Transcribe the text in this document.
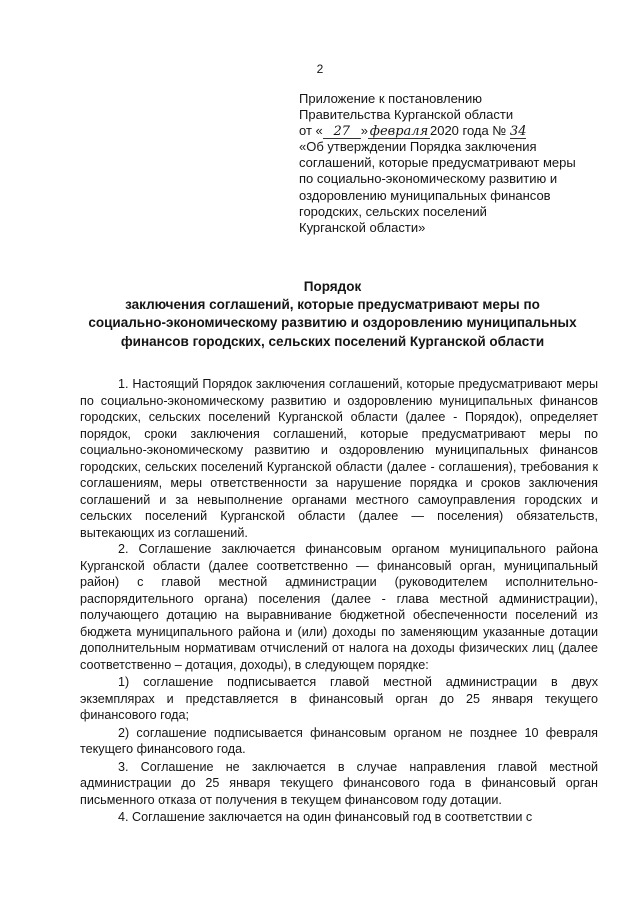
2
Приложение к постановлению
Правительства Курганской области
от « 27 » февраля 2020 года № 34
«Об утверждении Порядка заключения
соглашений, которые предусматривают меры
по социально-экономическому развитию и
оздоровлению муниципальных финансов
городских, сельских поселений
Курганской области»
Порядок
заключения соглашений, которые предусматривают меры по
социально-экономическому развитию и оздоровлению муниципальных
финансов городских, сельских поселений Курганской области

1. Настоящий Порядок заключения соглашений, которые предусматривают меры по социально-экономическому развитию и оздоровлению муниципальных финансов городских, сельских поселений Курганской области (далее - Порядок), определяет порядок, сроки заключения соглашений, которые предусматривают меры по социально-экономическому развитию и оздоровлению муниципальных финансов городских, сельских поселений Курганской области (далее - соглашения), требования к соглашениям, меры ответственности за нарушение порядка и сроков заключения соглашений и за невыполнение органами местного самоуправления городских и сельских поселений Курганской области (далее — поселения) обязательств, вытекающих из соглашений.

2. Соглашение заключается финансовым органом муниципального района Курганской области (далее соответственно — финансовый орган, муниципальный район) с главой местной администрации (руководителем исполнительно-распорядительного органа) поселения (далее - глава местной администрации), получающего дотацию на выравнивание бюджетной обеспеченности поселений из бюджета муниципального района и (или) доходы по заменяющим указанные дотации дополнительным нормативам отчислений от налога на доходы физических лиц (далее соответственно – дотация, доходы), в следующем порядке:

1) соглашение подписывается главой местной администрации в двух экземплярах и представляется в финансовый орган до 25 января текущего финансового года;

2) соглашение подписывается финансовым органом не позднее 10 февраля текущего финансового года.

3. Соглашение не заключается в случае направления главой местной администрации до 25 января текущего финансового года в финансовый орган письменного отказа от получения в текущем финансовом году дотации.

4. Соглашение заключается на один финансовый год в соответствии с
